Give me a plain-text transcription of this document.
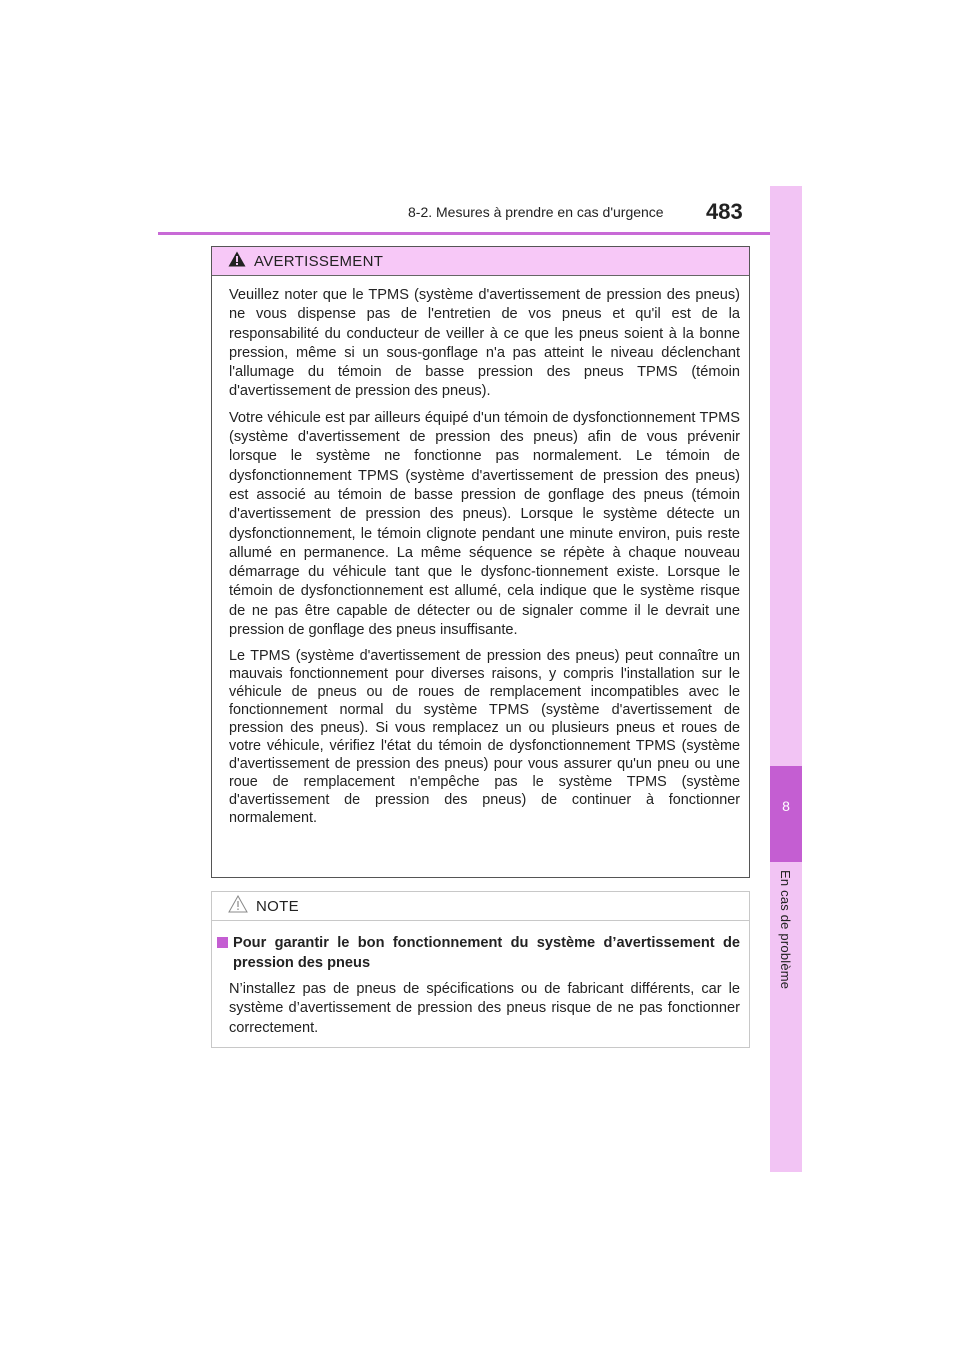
8-2. Mesures à prendre en cas d'urgence 483
8
En cas de problème
AVERTISSEMENT

Veuillez noter que le TPMS (système d'avertissement de pression des pneus) ne vous dispense pas de l'entretien de vos pneus et qu'il est de la responsabilité du conducteur de veiller à ce que les pneus soient à la bonne pression, même si un sous-gonflage n'a pas atteint le niveau déclenchant l'allumage du témoin de basse pression des pneus TPMS (témoin d'avertissement de pression des pneus).

Votre véhicule est par ailleurs équipé d'un témoin de dysfonctionnement TPMS (système d'avertissement de pression des pneus) afin de vous prévenir lorsque le système ne fonctionne pas normalement. Le témoin de dysfonctionnement TPMS (système d'avertissement de pression des pneus) est associé au témoin de basse pression de gonflage des pneus (témoin d'avertissement de pression des pneus). Lorsque le système détecte un dysfonctionnement, le témoin clignote pendant une minute environ, puis reste allumé en permanence. La même séquence se répète à chaque nouveau démarrage du véhicule tant que le dysfonc-tionnement existe. Lorsque le témoin de dysfonctionnement est allumé, cela indique que le système risque de ne pas être capable de détecter ou de signaler comme il le devrait une pression de gonflage des pneus insuffisante.

Le TPMS (système d'avertissement de pression des pneus) peut connaître un mauvais fonctionnement pour diverses raisons, y compris l'installation sur le véhicule de pneus ou de roues de remplacement incompatibles avec le fonctionnement normal du système TPMS (système d'avertissement de pression des pneus). Si vous remplacez un ou plusieurs pneus et roues de votre véhicule, vérifiez l'état du témoin de dysfonctionnement TPMS (système d'avertissement de pression des pneus) pour vous assurer qu'un pneu ou une roue de remplacement n'empêche pas le système TPMS (système d'avertissement de pression des pneus) de continuer à fonctionner normalement.

NOTE
Pour garantir le bon fonctionnement du système d’avertissement de pression des pneus

N’installez pas de pneus de spécifications ou de fabricant différents, car le système d’avertissement de pression des pneus risque de ne pas fonctionner correctement.
